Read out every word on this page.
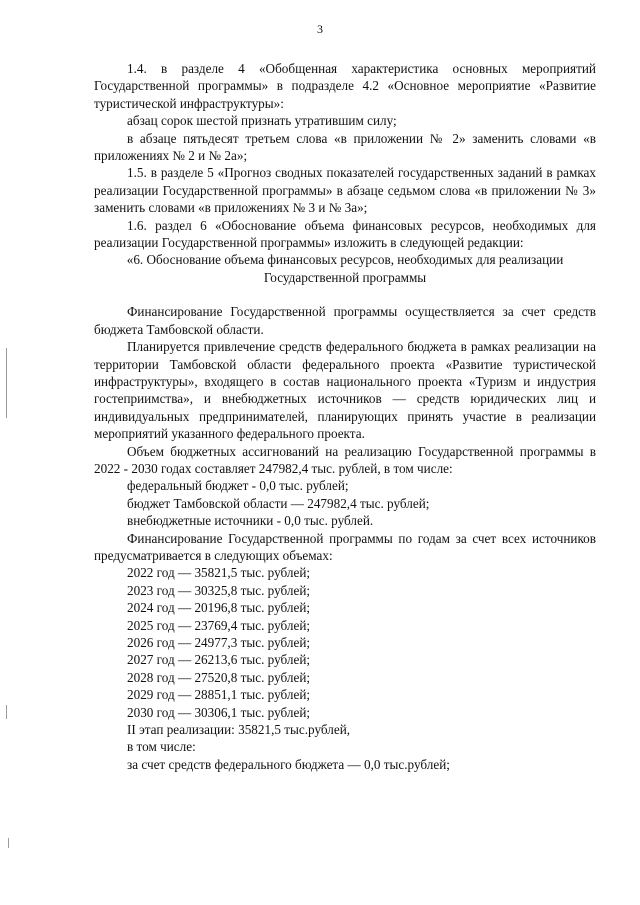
3

1.4. в разделе 4 «Обобщенная характеристика основных мероприятий Государственной программы» в подразделе 4.2 «Основное мероприятие «Развитие туристической инфраструктуры»:

абзац сорок шестой признать утратившим силу;

в абзаце пятьдесят третьем слова «в приложении № 2» заменить словами «в приложениях № 2 и № 2а»;

1.5. в разделе 5 «Прогноз сводных показателей государственных заданий в рамках реализации Государственной программы» в абзаце седьмом слова «в приложении № 3» заменить словами «в приложениях № 3 и № 3а»;

1.6. раздел 6 «Обоснование объема финансовых ресурсов, необходимых для реализации Государственной программы» изложить в следующей редакции:

«6. Обоснование объема финансовых ресурсов, необходимых для реализации Государственной программы

Финансирование Государственной программы осуществляется за счет средств бюджета Тамбовской области.

Планируется привлечение средств федерального бюджета в рамках реализации на территории Тамбовской области федерального проекта «Развитие туристической инфраструктуры», входящего в состав национального проекта «Туризм и индустрия гостеприимства», и внебюджетных источников — средств юридических лиц и индивидуальных предпринимателей, планирующих принять участие в реализации мероприятий указанного федерального проекта.

Объем бюджетных ассигнований на реализацию Государственной программы в 2022 - 2030 годах составляет 247982,4 тыс. рублей, в том числе:

федеральный бюджет - 0,0 тыс. рублей;

бюджет Тамбовской области — 247982,4 тыс. рублей;

внебюджетные источники - 0,0 тыс. рублей.

Финансирование Государственной программы по годам за счет всех источников предусматривается в следующих объемах:

2022 год — 35821,5 тыс. рублей;

2023 год — 30325,8 тыс. рублей;

2024 год — 20196,8 тыс. рублей;

2025 год — 23769,4 тыс. рублей;

2026 год — 24977,3 тыс. рублей;

2027 год — 26213,6 тыс. рублей;

2028 год — 27520,8 тыс. рублей;

2029 год — 28851,1 тыс. рублей;

2030 год — 30306,1 тыс. рублей;

II этап реализации: 35821,5 тыс.рублей,

в том числе:

за счет средств федерального бюджета — 0,0 тыс.рублей;
